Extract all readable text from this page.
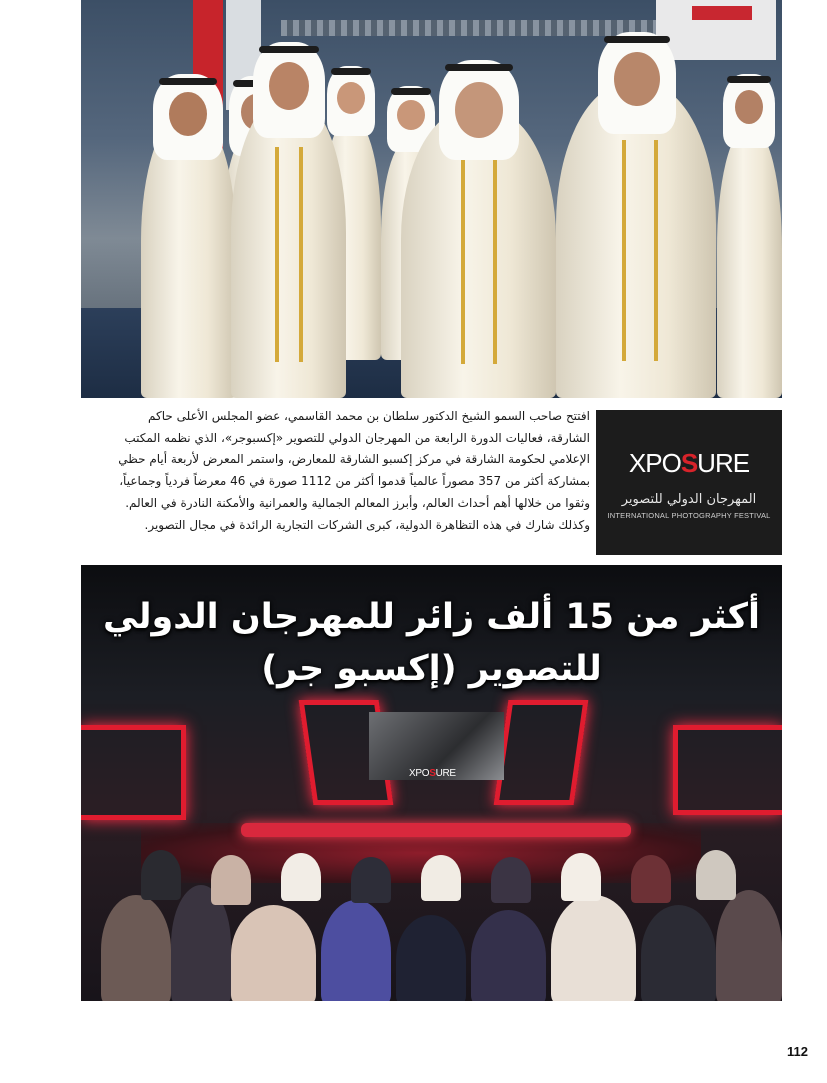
XPOSURE
المهرجان الدولي للتصوير
INTERNATIONAL PHOTOGRAPHY FESTIVAL
افتتح صاحب السمو الشيخ الدكتور سلطان بن محمد القاسمي، عضو المجلس الأعلى حاكم
الشارقة، فعاليات الدورة الرابعة من المهرجان الدولي للتصوير «إكسبوجر»، الذي نظمه المكتب
الإعلامي لحكومة الشارقة في مركز إكسبو الشارقة للمعارض، واستمر المعرض لأربعة أيام حظي
بمشاركة أكثر من 357 مصوراً عالمياً قدموا أكثر من 1112 صورة في 46 معرضاً فردياً وجماعياً،
وثقوا من خلالها أهم أحداث العالم، وأبرز المعالم الجمالية والعمرانية والأمكنة النادرة في العالم.
وكذلك شارك في هذه التظاهرة الدولية، كبرى الشركات التجارية الرائدة في مجال التصوير.
XPOSURE
أكثر من 15 ألف زائر للمهرجان الدولي
للتصوير (إكسبو جر)
112
